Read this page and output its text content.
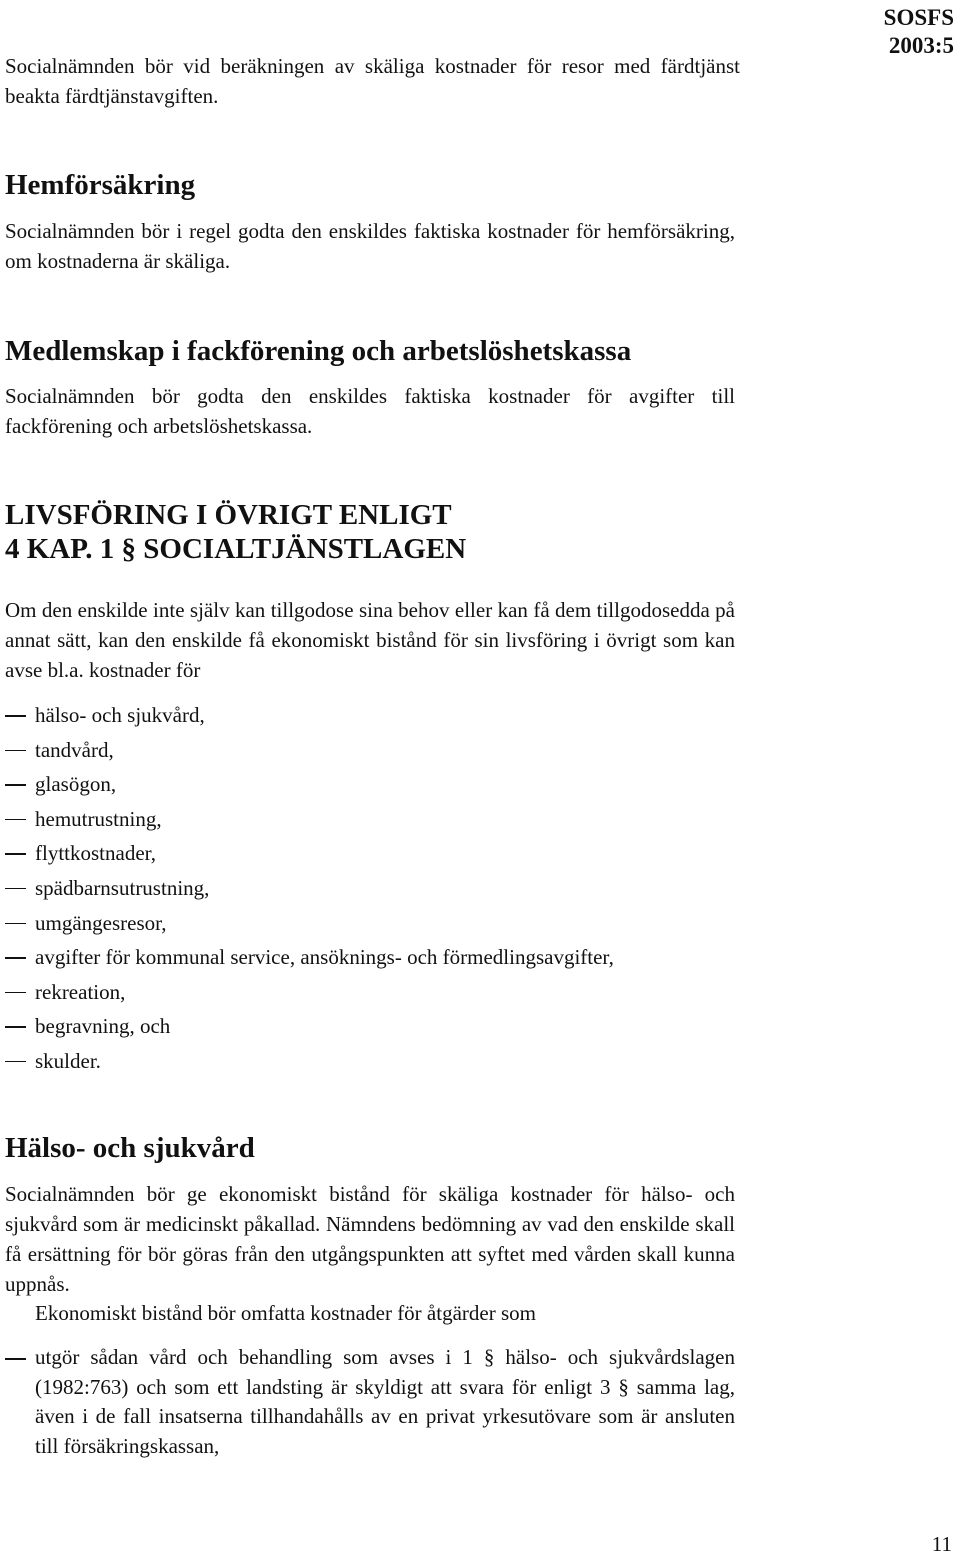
SOSFS
2003:5
Socialnämnden bör vid beräkningen av skäliga kostnader för resor med färdtjänst beakta färdtjänstavgiften.
Hemförsäkring
Socialnämnden bör i regel godta den enskildes faktiska kostnader för hemförsäkring, om kostnaderna är skäliga.
Medlemskap i fackförening och arbetslöshetskassa
Socialnämnden bör godta den enskildes faktiska kostnader för avgifter till fackförening och arbetslöshetskassa.
LIVSFÖRING I ÖVRIGT ENLIGT
4 KAP. 1 § SOCIALTJÄNSTLAGEN
Om den enskilde inte själv kan tillgodose sina behov eller kan få dem tillgodosedda på annat sätt, kan den enskilde få ekonomiskt bistånd för sin livsföring i övrigt som kan avse bl.a. kostnader för
hälso- och sjukvård,
tandvård,
glasögon,
hemutrustning,
flyttkostnader,
spädbarnsutrustning,
umgängesresor,
avgifter för kommunal service, ansöknings- och förmedlingsavgifter,
rekreation,
begravning, och
skulder.
Hälso- och sjukvård
Socialnämnden bör ge ekonomiskt bistånd för skäliga kostnader för hälso- och sjukvård som är medicinskt påkallad. Nämndens bedömning av vad den enskilde skall få ersättning för bör göras från den utgångspunkten att syftet med vården skall kunna uppnås.
Ekonomiskt bistånd bör omfatta kostnader för åtgärder som
utgör sådan vård och behandling som avses i 1 § hälso- och sjukvårdslagen (1982:763) och som ett landsting är skyldigt att svara för enligt 3 § samma lag, även i de fall insatserna tillhandahålls av en privat yrkesutövare som är ansluten till försäkringskassan,
11
